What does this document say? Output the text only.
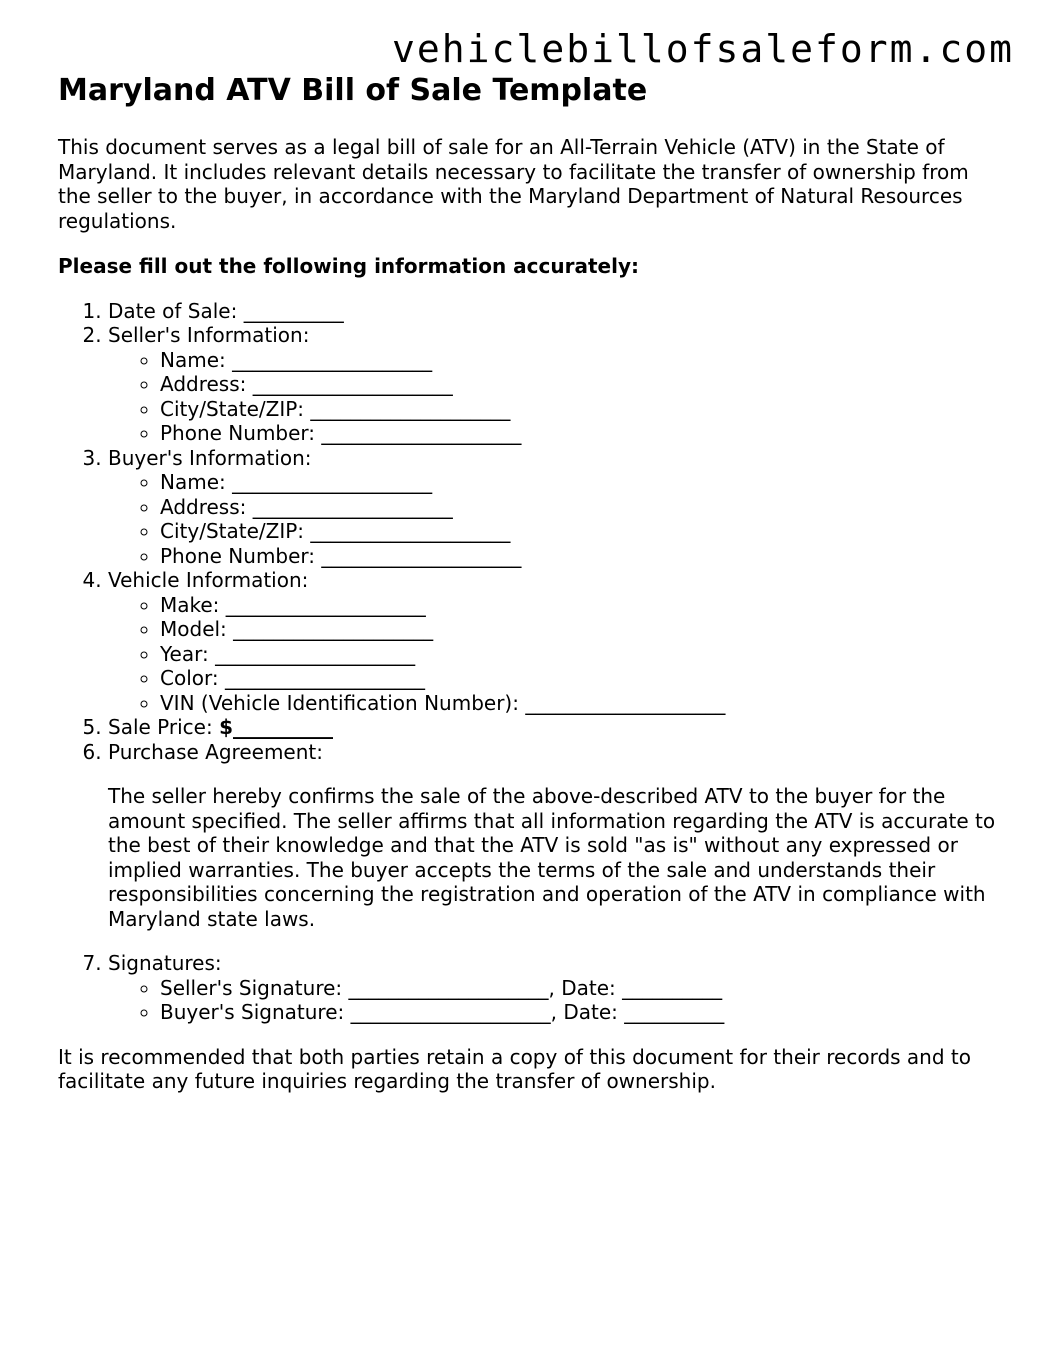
vehiclebillofsaleform.com
Maryland ATV Bill of Sale Template

This document serves as a legal bill of sale for an All-Terrain Vehicle (ATV) in the State of Maryland. It includes relevant details necessary to facilitate the transfer of ownership from the seller to the buyer, in accordance with the Maryland Department of Natural Resources regulations.

Please fill out the following information accurately:

1. Date of Sale: __________
2. Seller's Information:
◦ Name: ____________________
◦ Address: ____________________
◦ City/State/ZIP: ____________________
◦ Phone Number: ____________________
3. Buyer's Information:
◦ Name: ____________________
◦ Address: ____________________
◦ City/State/ZIP: ____________________
◦ Phone Number: ____________________
4. Vehicle Information:
◦ Make: ____________________
◦ Model: ____________________
◦ Year: ____________________
◦ Color: ____________________
◦ VIN (Vehicle Identification Number): ____________________
5. Sale Price: $__________
6. Purchase Agreement:

The seller hereby confirms the sale of the above-described ATV to the buyer for the amount specified. The seller affirms that all information regarding the ATV is accurate to the best of their knowledge and that the ATV is sold "as is" without any expressed or implied warranties. The buyer accepts the terms of the sale and understands their responsibilities concerning the registration and operation of the ATV in compliance with Maryland state laws.

7. Signatures:
◦ Seller's Signature: ____________________, Date: __________
◦ Buyer's Signature: ____________________, Date: __________

It is recommended that both parties retain a copy of this document for their records and to facilitate any future inquiries regarding the transfer of ownership.
